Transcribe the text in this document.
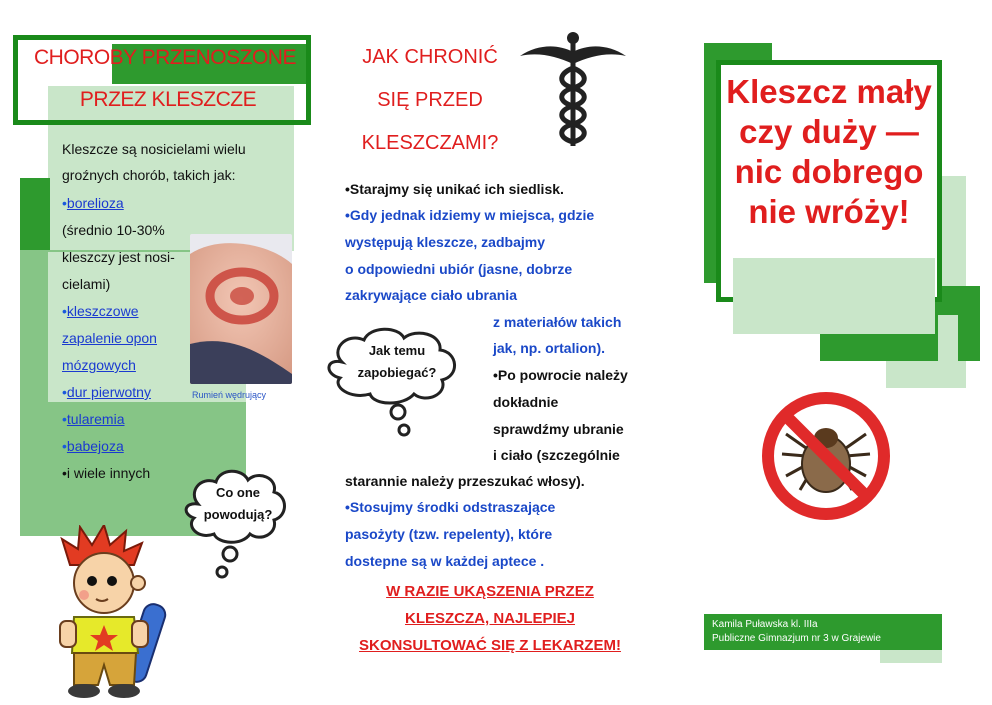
CHOROBY PRZENOSZONE
PRZEZ KLESZCZE
Kleszcze są nosicielami wielu
groźnych chorób, takich jak:
•borelioza
(średnio 10-30%
kleszczy jest nosi-
cielami)
•kleszczowe
zapalenie opon
mózgowych
•dur pierwotny
•tularemia
•babejoza
•i wiele innych
Rumień wędrujący
Co one
powodują?
JAK CHRONIĆ
SIĘ PRZED
KLESZCZAMI?
•Starajmy się unikać ich siedlisk.
•Gdy jednak idziemy w miejsca, gdzie
występują kleszcze, zadbajmy
o odpowiedni ubiór (jasne, dobrze
zakrywające ciało ubrania
z materiałów takich
jak, np. ortalion).
•Po powrocie należy
dokładnie
sprawdźmy ubranie
i ciało (szczególnie
starannie należy przeszukać włosy).
•Stosujmy środki odstraszające
pasożyty (tzw. repelenty), które
dostepne są w każdej aptece .
Jak temu
zapobiegać?
W RAZIE UKĄSZENIA PRZEZ
KLESZCZA, NAJLEPIEJ
SKONSULTOWAĆ SIĘ Z LEKARZEM!
Kleszcz mały
czy duży —
nic dobrego
nie wróży!
Kamila Puławska kl. IIIa
Publiczne Gimnazjum nr 3 w Grajewie
